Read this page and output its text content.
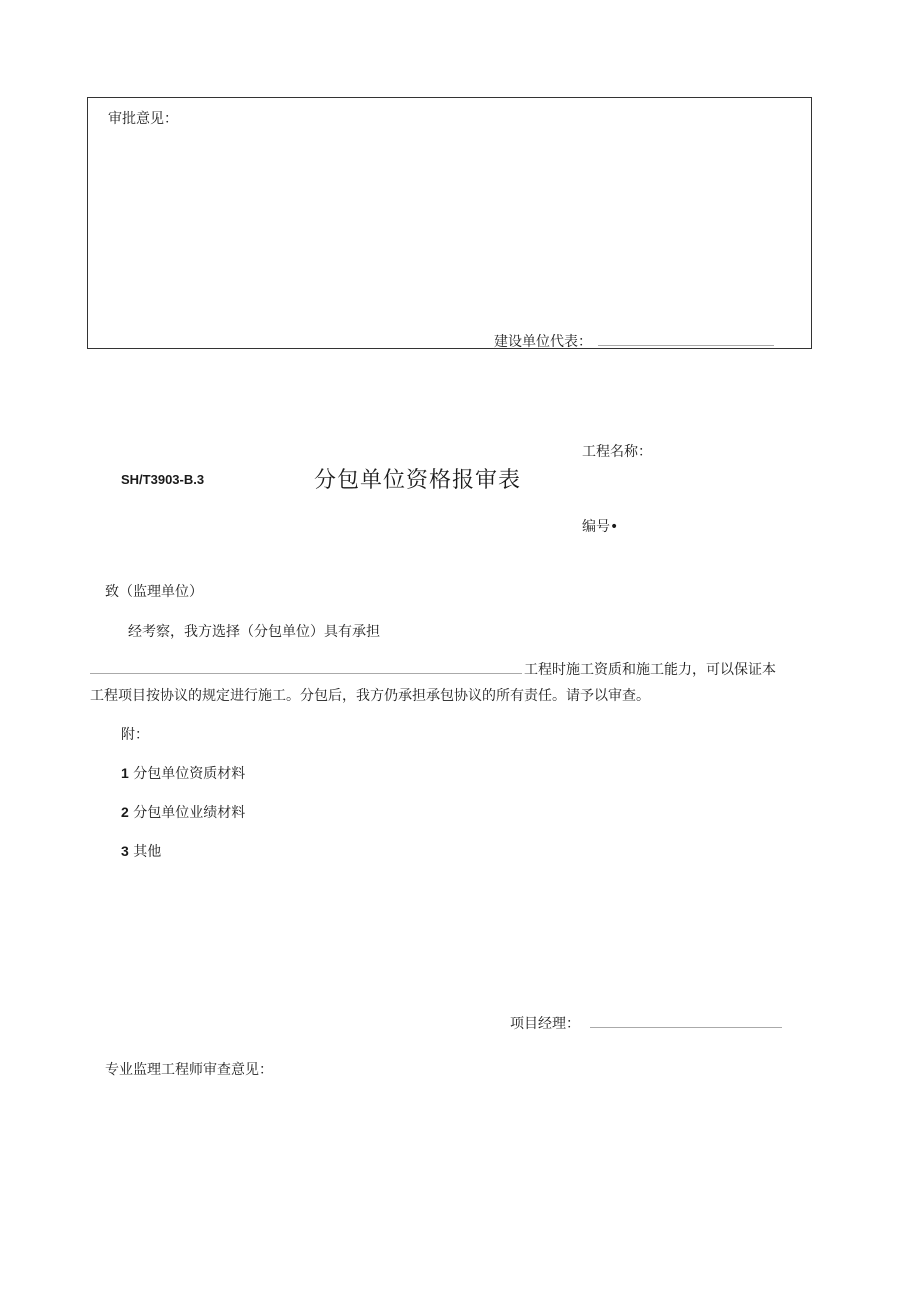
审批意见：
建设单位代表：
工程名称：
SH/T3903-B.3	分包单位资格报审表
编号•
致（监理单位）
经考察，我方选择（分包单位）具有承担
工程时施工资质和施工能力，可以保证本
工程项目按协议的规定进行施工。分包后，我方仍承担承包协议的所有责任。请予以审查。
附：
1 分包单位资质材料
2 分包单位业绩材料
3 其他
项目经理：
专业监理工程师审查意见：
